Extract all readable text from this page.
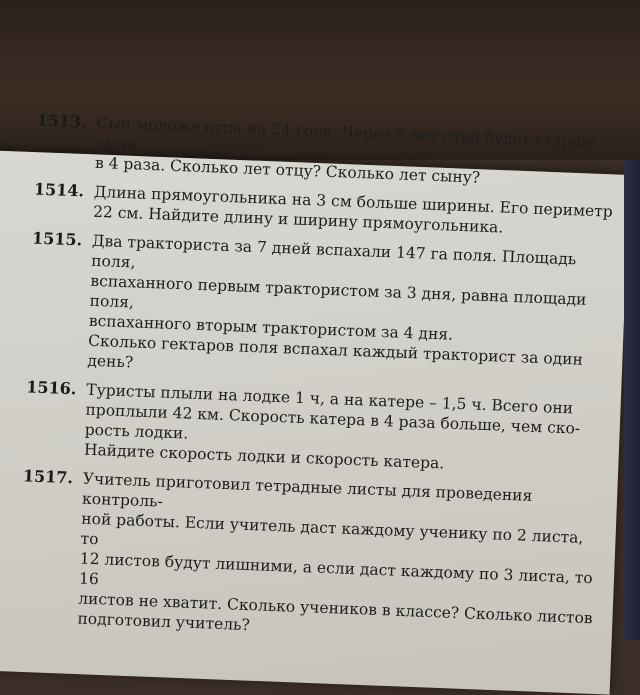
1513. Сын моложе отца на 24 года. Через 5 лет отец будет старше сына
в 4 раза. Сколько лет отцу? Сколько лет сыну?
1514. Длина прямоугольника на 3 см больше ширины. Его периметр
22 см. Найдите длину и ширину прямоугольника.
1515. Два тракториста за 7 дней вспахали 147 га поля. Площадь поля,
вспаханного первым трактористом за 3 дня, равна площади поля,
вспаханного вторым трактористом за 4 дня.
Сколько гектаров поля вспахал каждый тракторист за один
день?
1516. Туристы плыли на лодке 1 ч, а на катере – 1,5 ч. Всего они
проплыли 42 км. Скорость катера в 4 раза больше, чем ско-
рость лодки.
Найдите скорость лодки и скорость катера.
1517. Учитель приготовил тетрадные листы для проведения контроль-
ной работы. Если учитель даст каждому ученику по 2 листа, то
12 листов будут лишними, а если даст каждому по 3 листа, то 16
листов не хватит. Сколько учеников в классе? Сколько листов
подготовил учитель?
